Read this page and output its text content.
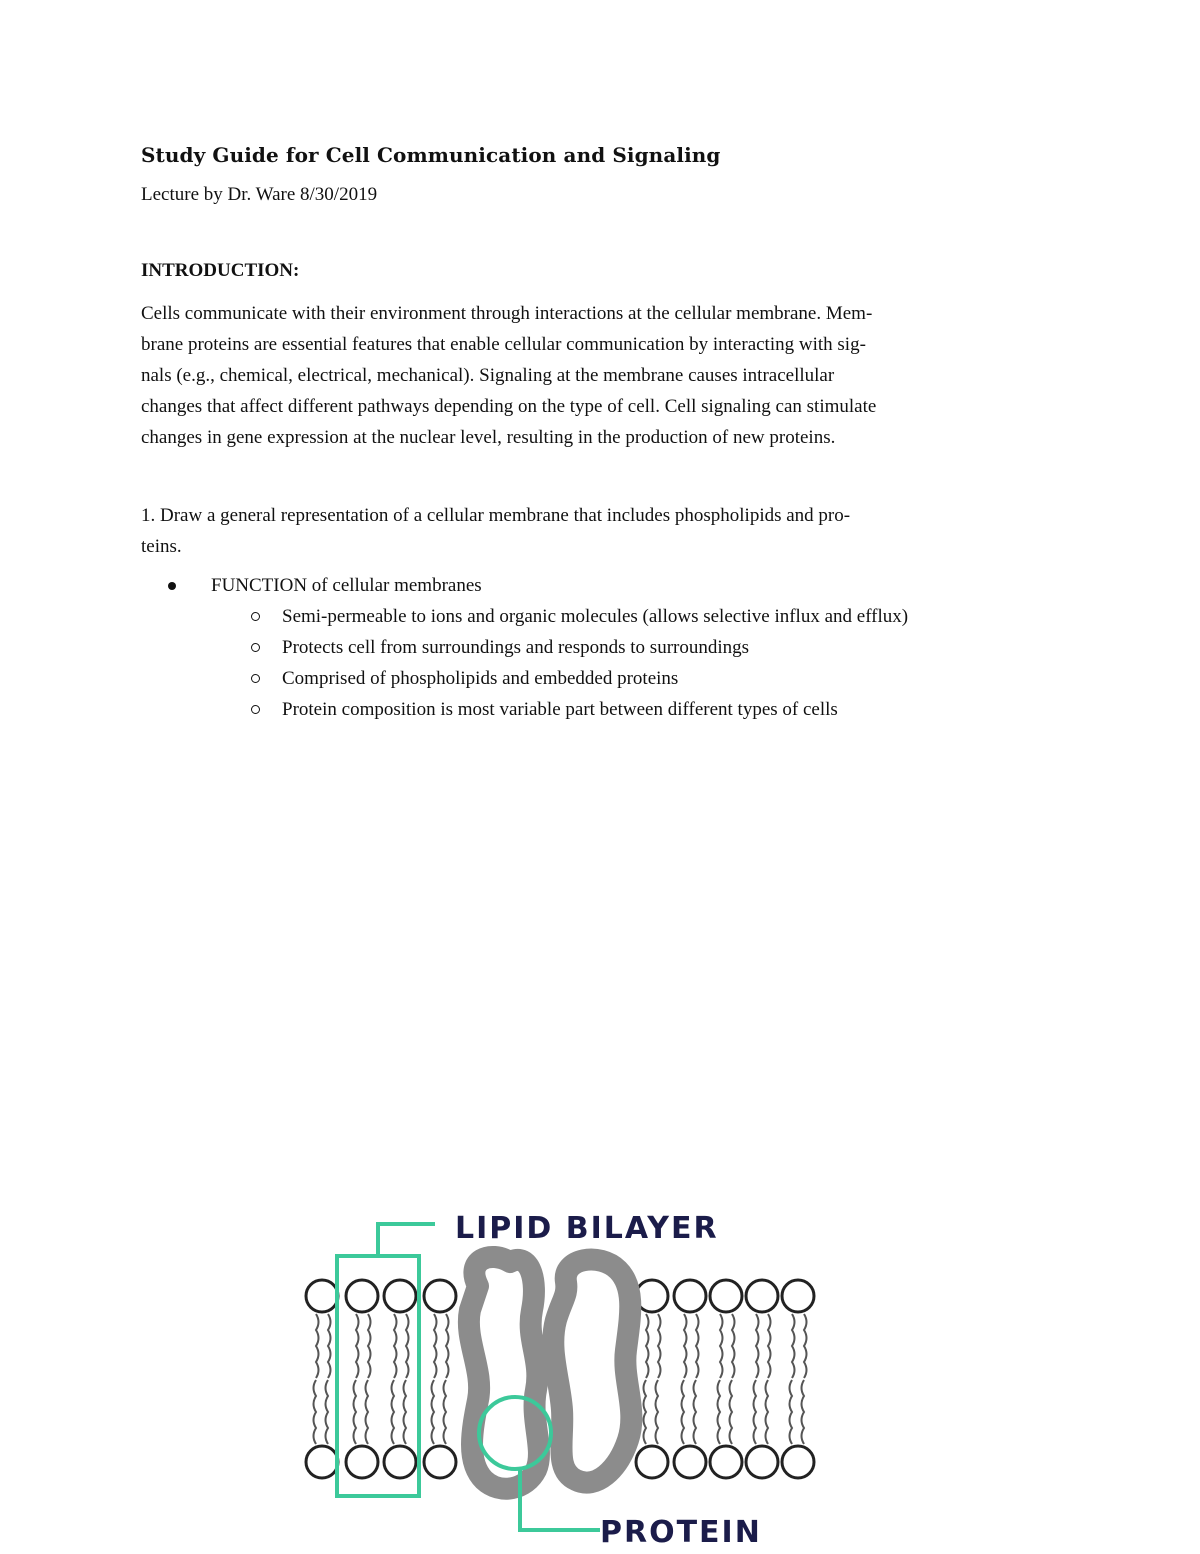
Study Guide for Cell Communication and Signaling
Lecture by Dr. Ware 8/30/2019
INTRODUCTION:
Cells communicate with their environment through interactions at the cellular membrane. Mem-
brane proteins are essential features that enable cellular communication by interacting with sig-
nals (e.g., chemical, electrical, mechanical). Signaling at the membrane causes intracellular
changes that affect different pathways depending on the type of cell. Cell signaling can stimulate
changes in gene expression at the nuclear level, resulting in the production of new proteins.
1. Draw a general representation of a cellular membrane that includes phospholipids and pro-
teins.
FUNCTION of cellular membranes
Semi-permeable to ions and organic molecules (allows selective influx and efflux)
Protects cell from surroundings and responds to surroundings
Comprised of phospholipids and embedded proteins
Protein composition is most variable part between different types of cells
LIPID BILAYER
PROTEIN
